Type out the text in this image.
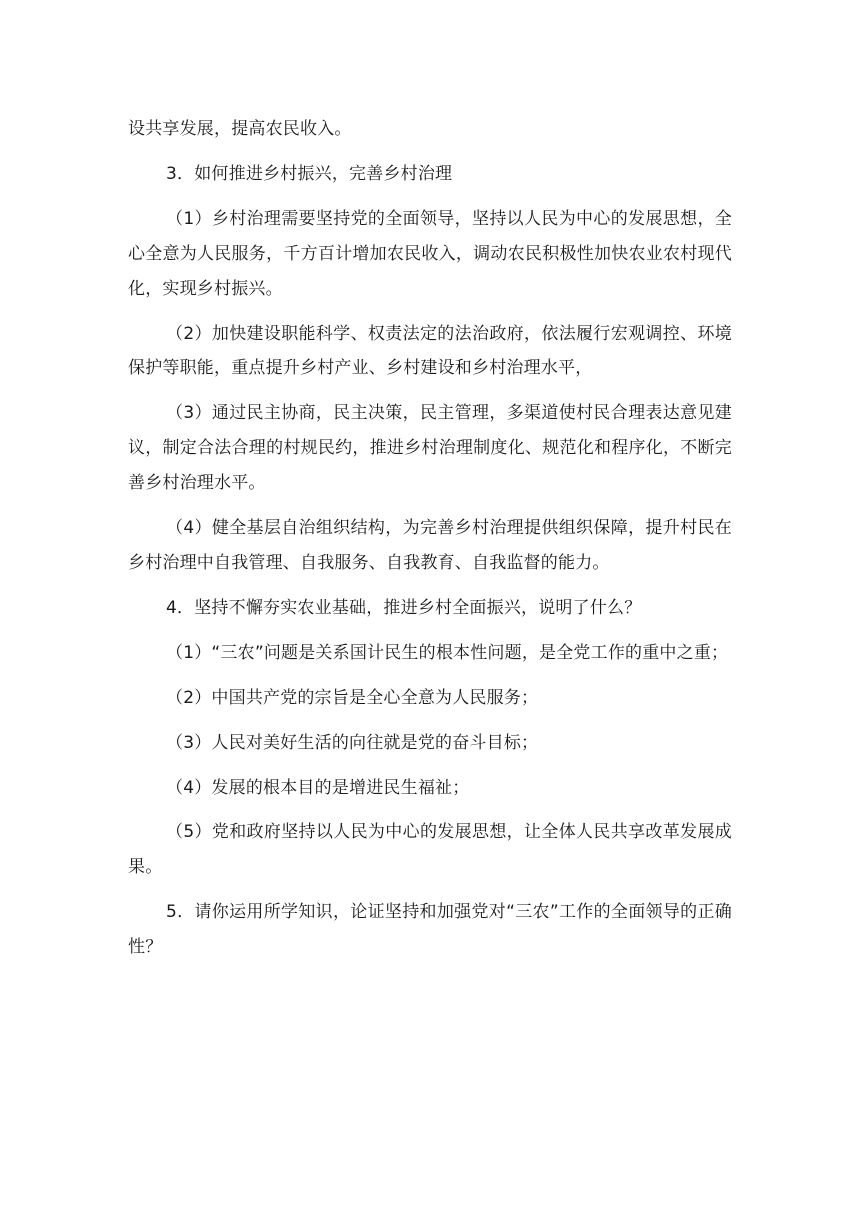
设共享发展，提高农民收入。

3．如何推进乡村振兴，完善乡村治理

（1）乡村治理需要坚持党的全面领导，坚持以人民为中心的发展思想，全心全意为人民服务，千方百计增加农民收入，调动农民积极性加快农业农村现代化，实现乡村振兴。

（2）加快建设职能科学、权责法定的法治政府，依法履行宏观调控、环境保护等职能，重点提升乡村产业、乡村建设和乡村治理水平，

（3）通过民主协商，民主决策，民主管理，多渠道使村民合理表达意见建议，制定合法合理的村规民约，推进乡村治理制度化、规范化和程序化，不断完善乡村治理水平。

（4）健全基层自治组织结构，为完善乡村治理提供组织保障，提升村民在乡村治理中自我管理、自我服务、自我教育、自我监督的能力。

4．坚持不懈夯实农业基础，推进乡村全面振兴，说明了什么？

（1）“三农”问题是关系国计民生的根本性问题，是全党工作的重中之重；

（2）中国共产党的宗旨是全心全意为人民服务；

（3）人民对美好生活的向往就是党的奋斗目标；

（4）发展的根本目的是增进民生福祉；

（5）党和政府坚持以人民为中心的发展思想，让全体人民共享改革发展成果。

5．请你运用所学知识，论证坚持和加强党对“三农”工作的全面领导的正确性？
